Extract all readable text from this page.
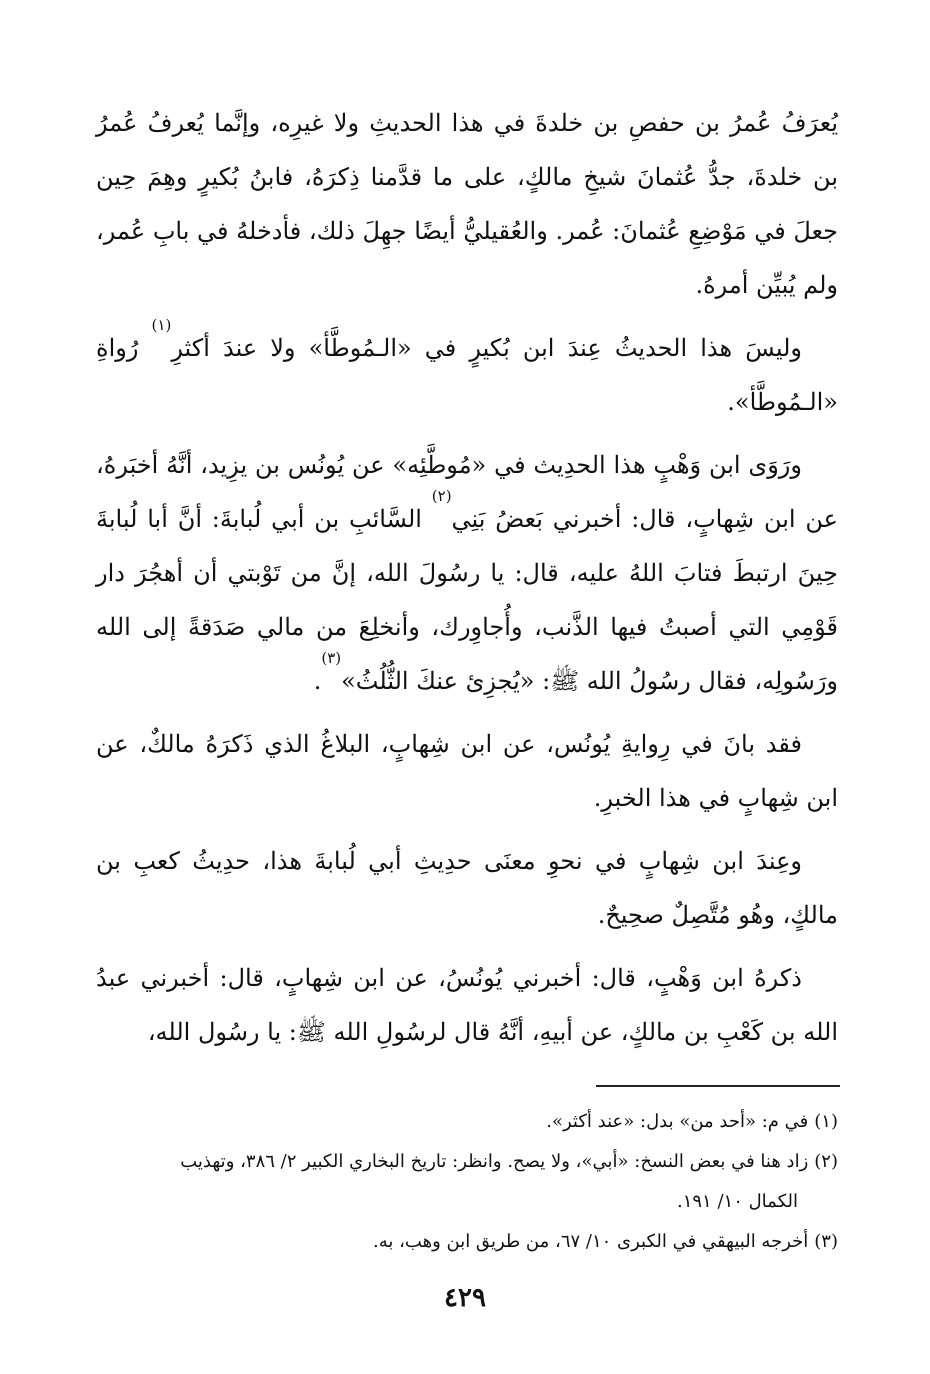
يُعرَفُ عُمرُ بن حفصِ بن خلدةَ في هذا الحديثِ ولا غيرِه، وإنَّما يُعرفُ عُمرُ بن خلدةَ، جدُّ عُثمانَ شيخِ مالكٍ، على ما قدَّمنا ذِكرَهُ، فابنُ بُكيرٍ وهِمَ حِين جعلَ في مَوْضِعِ عُثمانَ: عُمر. والعُقيليُّ أيضًا جهِلَ ذلك، فأدخلهُ في بابِ عُمر، ولم يُبيِّن أمرهُ.

وليسَ هذا الحديثُ عِندَ ابن بُكيرٍ في «الـمُوطَّأ» ولا عندَ أكثرِ$^{(١)}$ رُواةِ «الـمُوطَّأ».

ورَوَى ابن وَهْبٍ هذا الحدِيث في «مُوطَّئِه» عن يُونُس بن يزِيد، أنَّهُ أخبَرهُ، عن ابن شِهابٍ، قال: أخبرني بَعضُ بَنِي$^{(٢)}$ السَّائبِ بن أبي لُبابةَ: أنَّ أبا لُبابةَ حِينَ ارتبطَ فتابَ اللهُ عليه، قال: يا رسُولَ الله، إنَّ من تَوْبتي أن أهجُرَ دار قَوْمِي التي أصبتُ فيها الذَّنب، وأُجاوِرك، وأنخلِعَ من مالي صَدَقةً إلى الله ورَسُولِه، فقال رسُولُ الله ﷺ: «يُجزِئ عنكَ الثُّلُثُ»$^{(٣)}$.

فقد بانَ في رِوايةِ يُونُس، عن ابن شِهابٍ، البلاغُ الذي ذَكرَهُ مالكٌ، عن ابن شِهابٍ في هذا الخبرِ.

وعِندَ ابن شِهابٍ في نحوِ معنَى حدِيثِ أبي لُبابةَ هذا، حدِيثُ كعبِ بن مالكٍ، وهُو مُتَّصِلٌ صحِيحٌ.

ذكرهُ ابن وَهْبٍ، قال: أخبرني يُونُسُ، عن ابن شِهابٍ، قال: أخبرني عبدُ الله بن كَعْبِ بن مالكٍ، عن أبيهِ، أنَّهُ قال لرسُولِ الله ﷺ: يا رسُول الله،

(١)في م: «أحد من» بدل: «عند أكثر».

(٢)زاد هنا في بعض النسخ: «أبي»، ولا يصح. وانظر: تاريخ البخاري الكبير ٢/ ٣٨٦، وتهذيب
الكمال ١٠/ ١٩١.

(٣)أخرجه البيهقي في الكبرى ١٠/ ٦٧، من طريق ابن وهب، به.

٤٢٩
